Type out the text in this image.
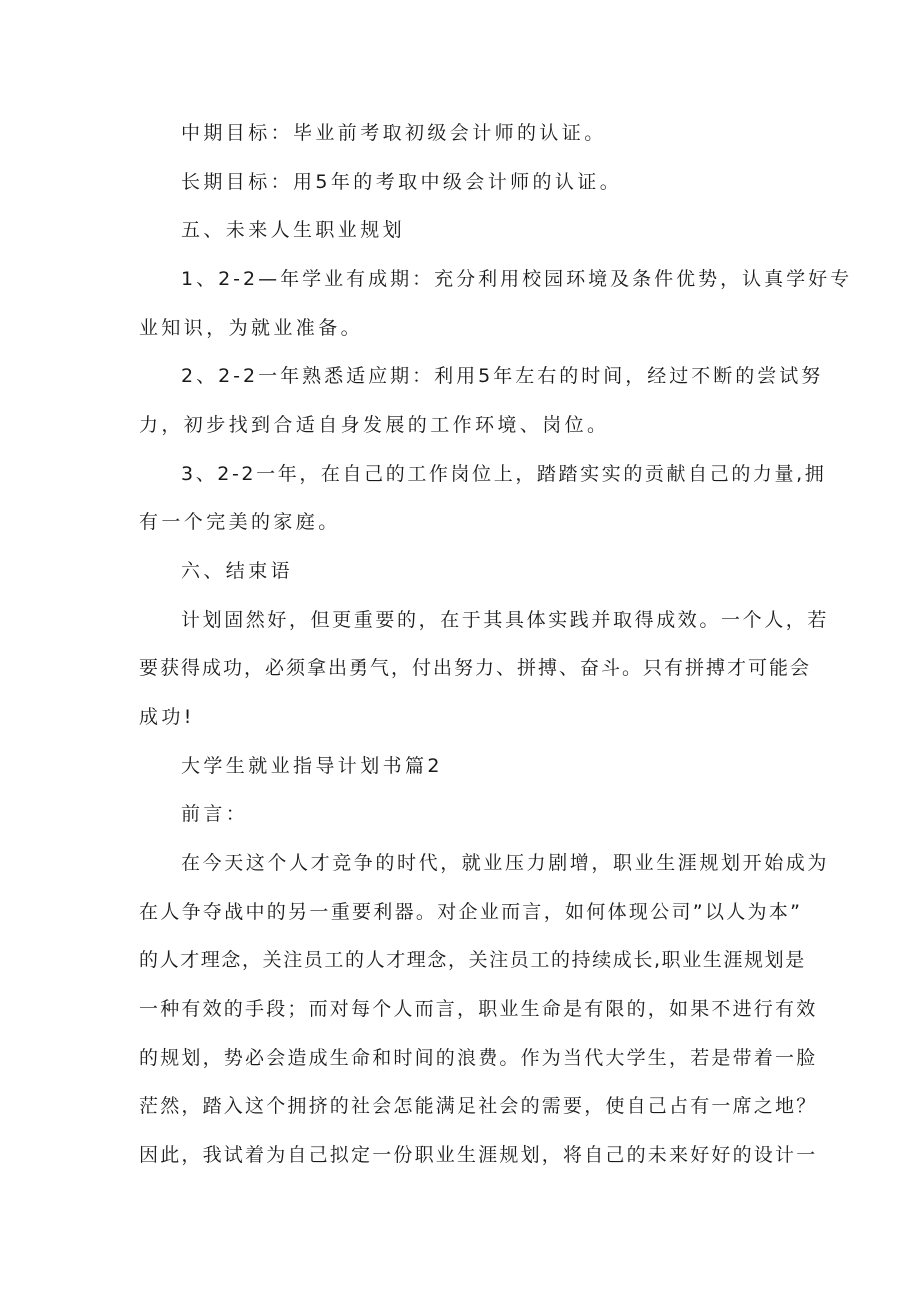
中期目标：毕业前考取初级会计师的认证。
长期目标：用5年的考取中级会计师的认证。
五、未来人生职业规划
1、2-2—年学业有成期：充分利用校园环境及条件优势，认真学好专
业知识，为就业准备。
2、2-2一年熟悉适应期：利用5年左右的时间，经过不断的尝试努
力，初步找到合适自身发展的工作环境、岗位。
3、2-2一年，在自己的工作岗位上，踏踏实实的贡献自己的力量,拥
有一个完美的家庭。
六、结束语
计划固然好，但更重要的，在于其具体实践并取得成效。一个人，若
要获得成功，必须拿出勇气，付出努力、拼搏、奋斗。只有拼搏才可能会
成功!
大学生就业指导计划书篇2
前言：
在今天这个人才竞争的时代，就业压力剧增，职业生涯规划开始成为
在人争夺战中的另一重要利器。对企业而言，如何体现公司”以人为本”
的人才理念，关注员工的人才理念，关注员工的持续成长,职业生涯规划是
一种有效的手段；而对每个人而言，职业生命是有限的，如果不进行有效
的规划，势必会造成生命和时间的浪费。作为当代大学生，若是带着一脸
茫然，踏入这个拥挤的社会怎能满足社会的需要，使自己占有一席之地？
因此，我试着为自己拟定一份职业生涯规划，将自己的未来好好的设计一
